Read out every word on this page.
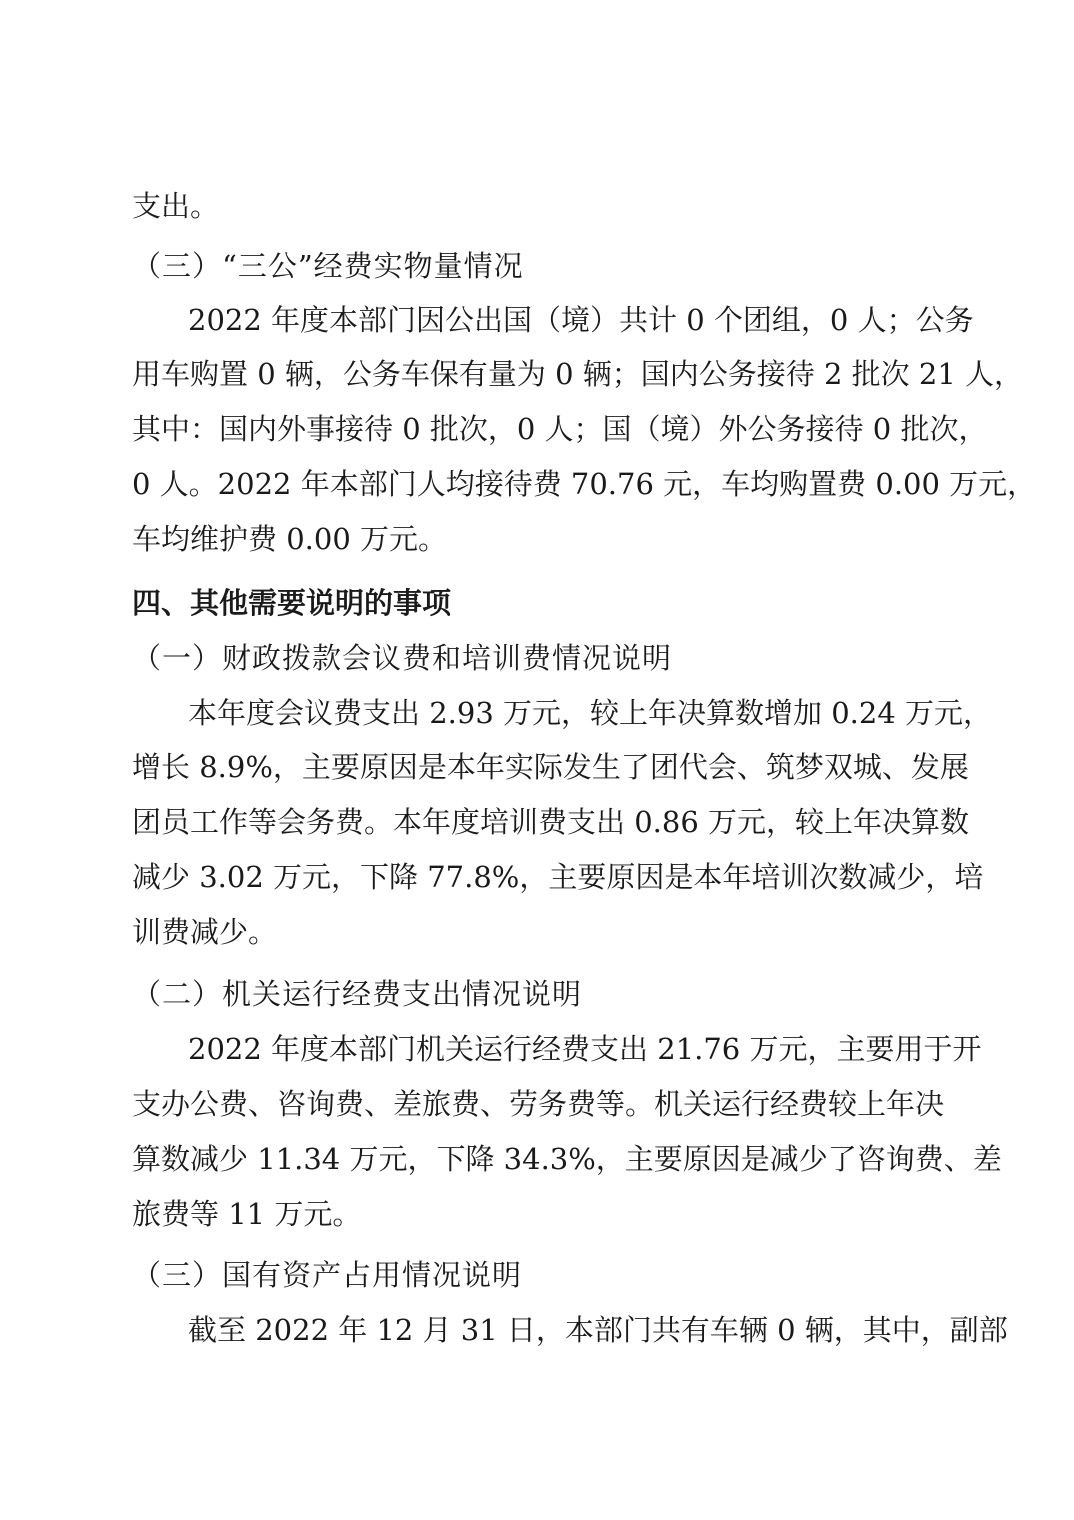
支出。
（三）“三公”经费实物量情况
2022 年度本部门因公出国（境）共计 0 个团组，0 人；公务
用车购置 0 辆，公务车保有量为 0 辆；国内公务接待 2 批次 21 人，
其中：国内外事接待 0 批次，0 人；国（境）外公务接待 0 批次，
0 人。2022 年本部门人均接待费 70.76 元，车均购置费 0.00 万元，
车均维护费 0.00 万元。
四、其他需要说明的事项
（一）财政拨款会议费和培训费情况说明
本年度会议费支出 2.93 万元，较上年决算数增加 0.24 万元，
增长 8.9%，主要原因是本年实际发生了团代会、筑梦双城、发展
团员工作等会务费。本年度培训费支出 0.86 万元，较上年决算数
减少 3.02 万元，下降 77.8%，主要原因是本年培训次数减少，培
训费减少。
（二）机关运行经费支出情况说明
2022 年度本部门机关运行经费支出 21.76 万元，主要用于开
支办公费、咨询费、差旅费、劳务费等。机关运行经费较上年决
算数减少 11.34 万元，下降 34.3%，主要原因是减少了咨询费、差
旅费等 11 万元。
（三）国有资产占用情况说明
截至 2022 年 12 月 31 日，本部门共有车辆 0 辆，其中，副部
